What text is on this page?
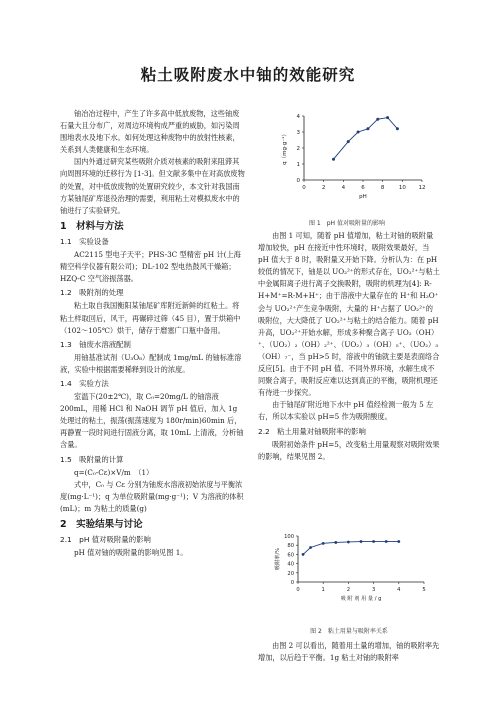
粘土吸附废水中铀的效能研究

铀冶冶过程中，产生了许多高中低放废物，这些铀废石量大且分布广，对周边环境构成严重的威胁，如污染周围地表水及地下水。如何处理这种废物中的放射性核素，关系到人类健康和生态环境。

国内外通过研究某些吸附介质对核素的吸附来阻滞其向周围环境的迁移行为 [1-3]。但文献多集中在对高放废物的处置，对中低放废物的处置研究较少，本文针对我国南方某铀尾矿库退役治理的需要，利用粘土对模拟废水中的铀进行了实验研究。

1　材料与方法
1.1　实验设备

AC2115 型电子天平；PHS-3C 型精密 pH 计(上海精空科学仪器有限公司)；DL-102 型电热鼓风干燥箱；HZQ-C 空气浴振荡器。

1.2　吸附剂的处理

粘土取自我国衡阳某铀尾矿库附近新鲜的红粘土。将粘土样取回后，风干，再碾碎过筛（45 目），置于烘箱中（102～105℃）烘干，储存于磨塞广口瓶中备用。

1.3　铀废水溶液配制

用铀基准试剂（U₃O₈）配制成 1mg/mL 的铀标准溶液，实验中根据需要稀释到设计的浓度。

1.4　实验方法

室温下(20±2℃)，取 C₀=20mg/L 的铀溶液 200mL，用稀 HCl 和 NaOH 调节 pH 值后，加入 1g 处理过的粘土，振荡(振荡速度为 180r/min)60min 后，再静置一段时间进行固液分离，取 10mL 上清液，分析铀含量。

1.5　吸附量的计算

q=(C₀-Cε)×V/m　（1）

式中，C₀ 与 Cε 分别为铀废水溶液初始浓度与平衡浓度(mg·L⁻¹)；q 为单位吸附量(mg·g⁻¹)；V 为溶液的体积(mL)；m 为粘土的质量(g)

2　实验结果与讨论
2.1　pH 值对吸附量的影响

pH 值对铀的吸附量的影响见图 1。

0	2	4	6	8	10 12
0
1
2
3
4
pH
q（mg·g⁻¹）
图 1　pH 值对吸附量的影响

由图 1 可知，随着 pH 值增加，粘土对铀的吸附量增加较快，pH 在接近中性环境时，吸附效果最好，当 pH 值大于 8 时，吸附量又开始下降。分析认为：在 pH 较低的情况下，铀是以 UO₂²⁺的形式存在，UO₂²⁺与粘土中金属阳离子进行离子交换吸附，吸附的机理为[4]: R-H+M⁺=R-M+H⁺；由于溶液中大量存在的 H⁺和 H₃O⁺会与 UO₂²⁺产生竞争吸附，大量的 H⁺占据了 UO₂²⁺的吸附位，大大降低了 UO₂²⁺与粘土的结合能力。随着 pH 升高，UO₂²⁺开始水解，形成多种聚合离子 UO₂（OH）⁺、（UO₂）₂（OH）₂²⁺、（UO₂）₃（OH）₅⁺、（UO₂）₃（OH）₇⁻，当 pH>5 时，溶液中的铀就主要是表面络合反应[5]。由于不同 pH 值、不同外界环境，水解生成不同聚合离子，吸附反应难以达到真正的平衡，吸附机理还有待进一步探究。

由于铀尾矿附近地下水中 pH 值经检测一般为 5 左右，所以本实验以 pH=5 作为吸附酸度。

2.2　粘土用量对铀吸附率的影响

吸附初始条件 pH=5，改变粘土用量观察对吸附效果的影响，结果见图 2。

0	1	2	3	4	5
0
20
40
60
80
100
吸 附 剂 用 量 / g
吸附率/%
图 2　粘土用量与吸附率关系

由图 2 可以看出，随着用土量的增加，铀的吸附率先增加，以后趋于平衡。1g 粘土对铀的吸附率
